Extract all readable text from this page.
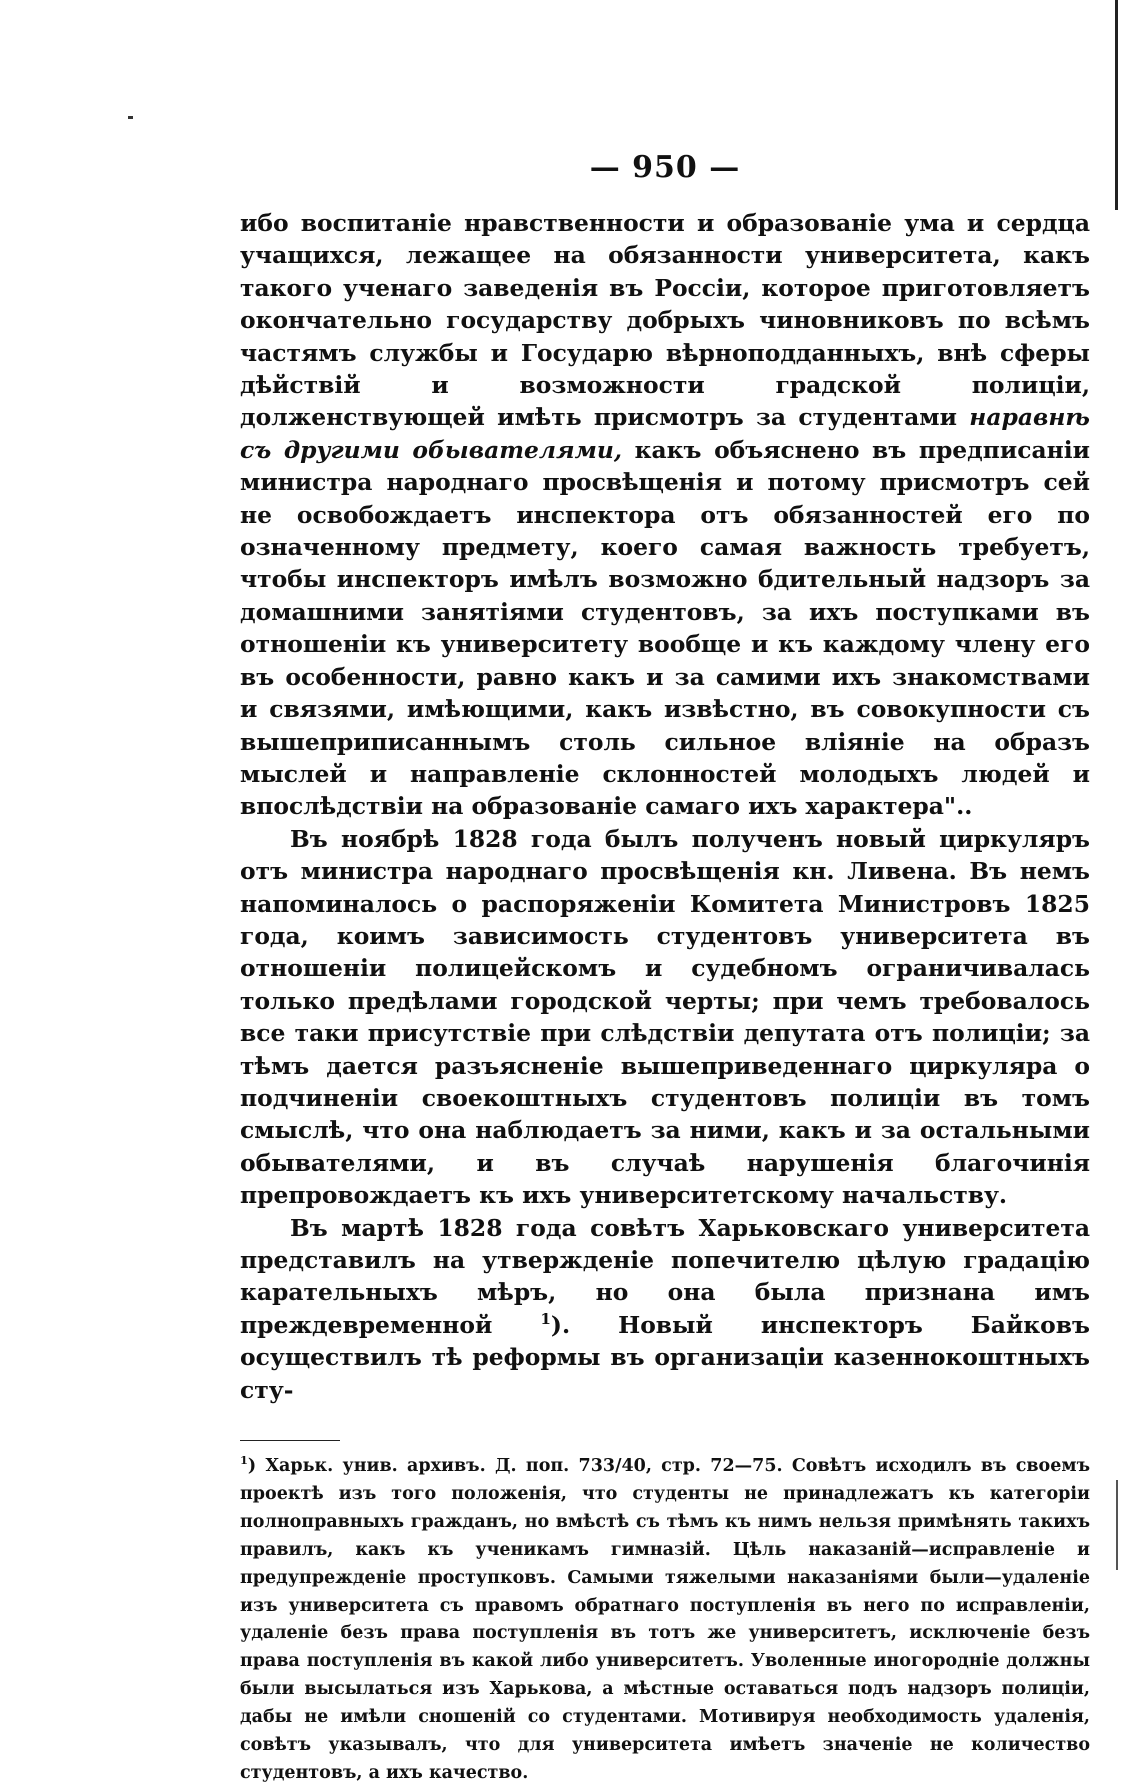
— 950 —

ибо воспитаніе нравственности и образованіе ума и сердца учащихся, лежащее на обязанности университета, какъ такого ученаго заведенія въ Россіи, которое приготовляетъ окончательно государству добрыхъ чиновниковъ по всѣмъ частямъ службы и Государю вѣрноподданныхъ, внѣ сферы дѣйствій и возможности градской полиціи, долженствующей имѣть присмотръ за студентами наравнѣ съ другими обывателями, какъ объяснено въ предписаніи министра народнаго просвѣщенія и потому присмотръ сей не освобождаетъ инспектора отъ обязанностей его по означенному предмету, коего самая важность требуетъ, чтобы инспекторъ имѣлъ возможно бдительный надзоръ за домашними занятіями студентовъ, за ихъ поступками въ отношеніи къ университету вообще и къ каждому члену его въ особенности, равно какъ и за самими ихъ знакомствами и связями, имѣющими, какъ извѣстно, въ совокупности съ вышеприписаннымъ столь сильное вліяніе на образъ мыслей и направленіе склонностей молодыхъ людей и впослѣдствіи на образованіе самаго ихъ характера"..

Въ ноябрѣ 1828 года былъ полученъ новый циркуляръ отъ министра народнаго просвѣщенія кн. Ливена. Въ немъ напоминалось о распоряженіи Комитета Министровъ 1825 года, коимъ зависимость студентовъ университета въ отношеніи полицейскомъ и судебномъ ограничивалась только предѣлами городской черты; при чемъ требовалось все таки присутствіе при слѣдствіи депутата отъ полиціи; за тѣмъ дается разъясненіе вышеприведеннаго циркуляра о подчиненіи своекоштныхъ студентовъ полиціи въ томъ смыслѣ, что она наблюдаетъ за ними, какъ и за остальными обывателями, и въ случаѣ нарушенія благочинія препровождаетъ къ ихъ университетскому начальству.

Въ мартѣ 1828 года совѣтъ Харьковскаго университета представилъ на утвержденіе попечителю цѣлую градацію карательныхъ мѣръ, но она была признана имъ преждевременной $^1$). Новый инспекторъ Байковъ осуществилъ тѣ реформы въ организаціи казеннокоштныхъ сту-

$^1$) Харьк. унив. архивъ. Д. поп. 733/40, стр. 72—75. Совѣтъ исходилъ въ своемъ проектѣ изъ того положенія, что студенты не принадлежатъ къ категоріи полноправныхъ гражданъ, но вмѣстѣ съ тѣмъ къ нимъ нельзя примѣнять такихъ правилъ, какъ къ ученикамъ гимназій. Цѣль наказаній—исправленіе и предупрежденіе проступковъ. Самыми тяжелыми наказаніями были—удаленіе изъ университета съ правомъ обратнаго поступленія въ него по исправленіи, удаленіе безъ права поступленія въ тотъ же университетъ, исключеніе безъ права поступленія въ какой либо университетъ. Уволенные иногородніе должны были высылаться изъ Харькова, а мѣстные оставаться подъ надзоръ полиціи, дабы не имѣли сношеній со студентами. Мотивируя необходимость удаленія, совѣтъ указывалъ, что для университета имѣетъ значеніе не количество студентовъ, а ихъ качество.
